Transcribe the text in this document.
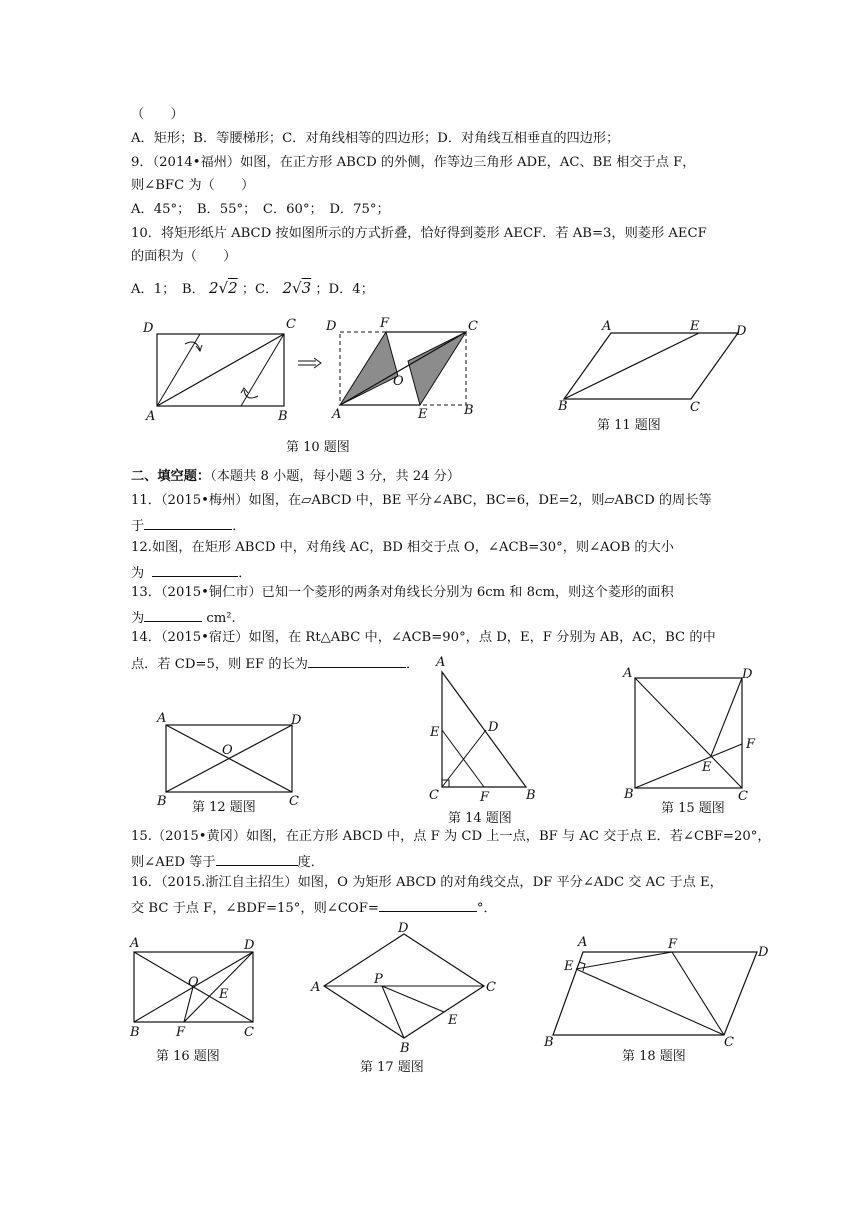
（　　）
A．矩形；B．等腰梯形；C．对角线相等的四边形；D．对角线互相垂直的四边形；
9．（2014•福州）如图，在正方形 ABCD 的外侧，作等边三角形 ADE，AC、BE 相交于点 F，
则∠BFC 为（　　）
A．45°；　B．55°；　C．60°；　D．75°；
10．将矩形纸片 ABCD 按如图所示的方式折叠，恰好得到菱形 AECF．若 AB=3，则菱形 AECF
的面积为（　　）
A．1；　B． 2√2 ；C． 2√3 ；D．4；
D	C
A	B
D	F	C
O
A	E	B
第 10 题图
A	E	D
B	C
第 11 题图
二、填空题：（本题共 8 小题，每小题 3 分，共 24 分）
11．（2015•梅州）如图，在▱ABCD 中，BE 平分∠ABC，BC=6，DE=2，则▱ABCD 的周长等
于	．
12.如图，在矩形 ABCD 中，对角线 AC，BD 相交于点 O，∠ACB=30°，则∠AOB 的大小
为	．
13．（2015•铜仁市）已知一个菱形的两条对角线长分别为 6cm 和 8cm，则这个菱形的面积
为	cm².
14．（2015•宿迁）如图，在 Rt△ABC 中，∠ACB=90°，点 D，E，F 分别为 AB，AC，BC 的中
点．若 CD=5，则 EF 的长为	．
A	D
O
B	C
第 12 题图
A
E	D
C	F	B
第 14 题图
A	D
F
E
B	C
第 15 题图
15.（2015•黄冈）如图，在正方形 ABCD 中，点 F 为 CD 上一点，BF 与 AC 交于点 E．若∠CBF=20°，
则∠AED 等于	度．
16．（2015.浙江自主招生）如图，O 为矩形 ABCD 的对角线交点，DF 平分∠ADC 交 AC 于点 E，
交 BC 于点 F，∠BDF=15°，则∠COF=	°．
A	D
O
E
B	F	C
第 16 题图
D
A
P
C
E
B
第 17 题图
A	F
D
E
B	C
第 18 题图
